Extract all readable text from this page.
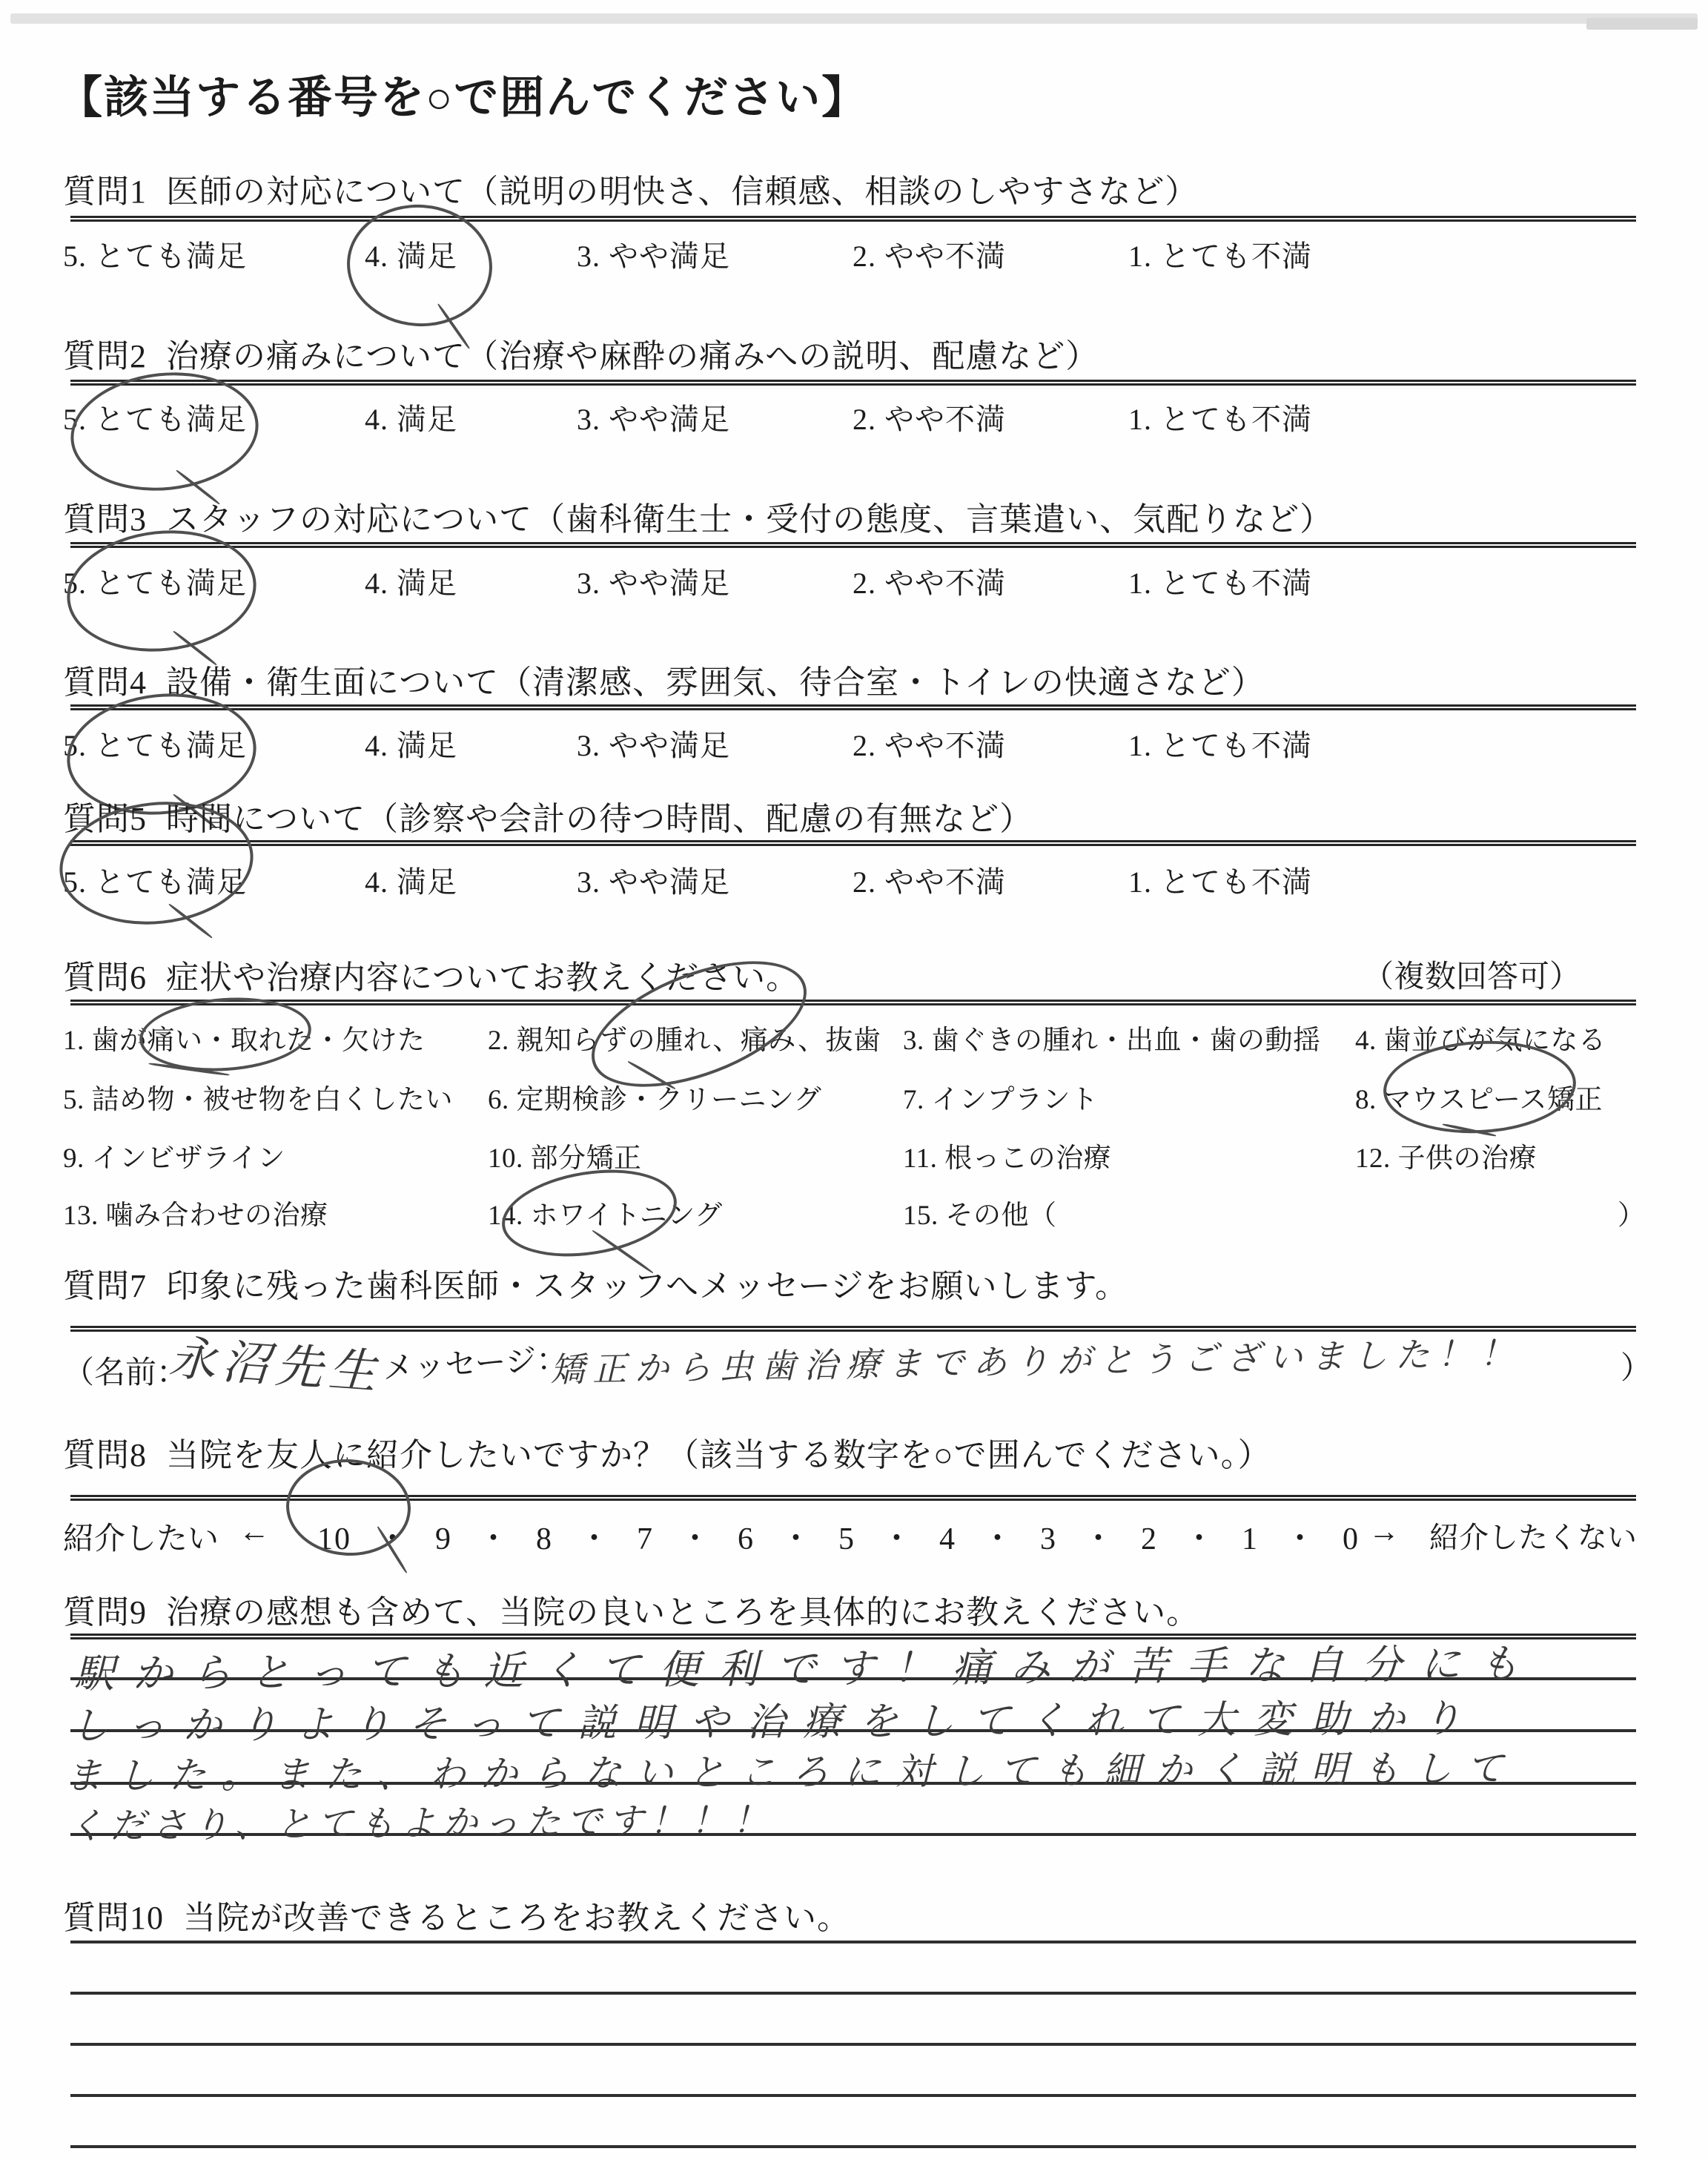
【該当する番号を○で囲んでください】
質問1 医師の対応について（説明の明快さ、信頼感、相談のしやすさなど）
5. とても満足	4. 満足	3. やや満足	2. やや不満	1. とても不満
質問2 治療の痛みについて（治療や麻酔の痛みへの説明、配慮など）
5. とても満足	4. 満足	3. やや満足	2. やや不満	1. とても不満
質問3 スタッフの対応について（歯科衛生士・受付の態度、言葉遣い、気配りなど）
5. とても満足	4. 満足	3. やや満足	2. やや不満	1. とても不満
質問4 設備・衛生面について（清潔感、雰囲気、待合室・トイレの快適さなど）
5. とても満足	4. 満足	3. やや満足	2. やや不満	1. とても不満
質問5 時間について（診察や会計の待つ時間、配慮の有無など）
5. とても満足	4. 満足	3. やや満足	2. やや不満	1. とても不満
質問6 症状や治療内容についてお教えください。	（複数回答可）
1. 歯が痛い・取れた・欠けた 2. 親知らずの腫れ、痛み、抜歯 3. 歯ぐきの腫れ・出血・歯の動揺 4. 歯並びが気になる
5. 詰め物・被せ物を白くしたい 6. 定期検診・クリーニング	7. インプラント	8. マウスピース矯正
9. インビザライン	10. 部分矯正	11. 根っこの治療	12. 子供の治療
13. 噛み合わせの治療	14. ホワイトニング	15. その他（	）
質問7 印象に残った歯科医師・スタッフへメッセージをお願いします。
（名前：
永沼先生
メッセージ：
矯正から虫歯治療までありがとうございました！！	）
質問8 当院を友人に紹介したいですか？（該当する数字を○で囲んでください。）
紹介したい ← 10 ・ 9 ・ 8 ・ 7 ・ 6 ・ 5 ・ 4 ・ 3 ・ 2 ・ 1 ・ 0 → 紹介したくない
質問9 治療の感想も含めて、当院の良いところを具体的にお教えください。
駅からとっても近くて便利です！痛みが苦手な自分にも
しっかりよりそって説明や治療をしてくれて大変助かり
ました。また、わからないところに対しても細かく説明もして
くださり、とてもよかったです！！！
質問10 当院が改善できるところをお教えください。
